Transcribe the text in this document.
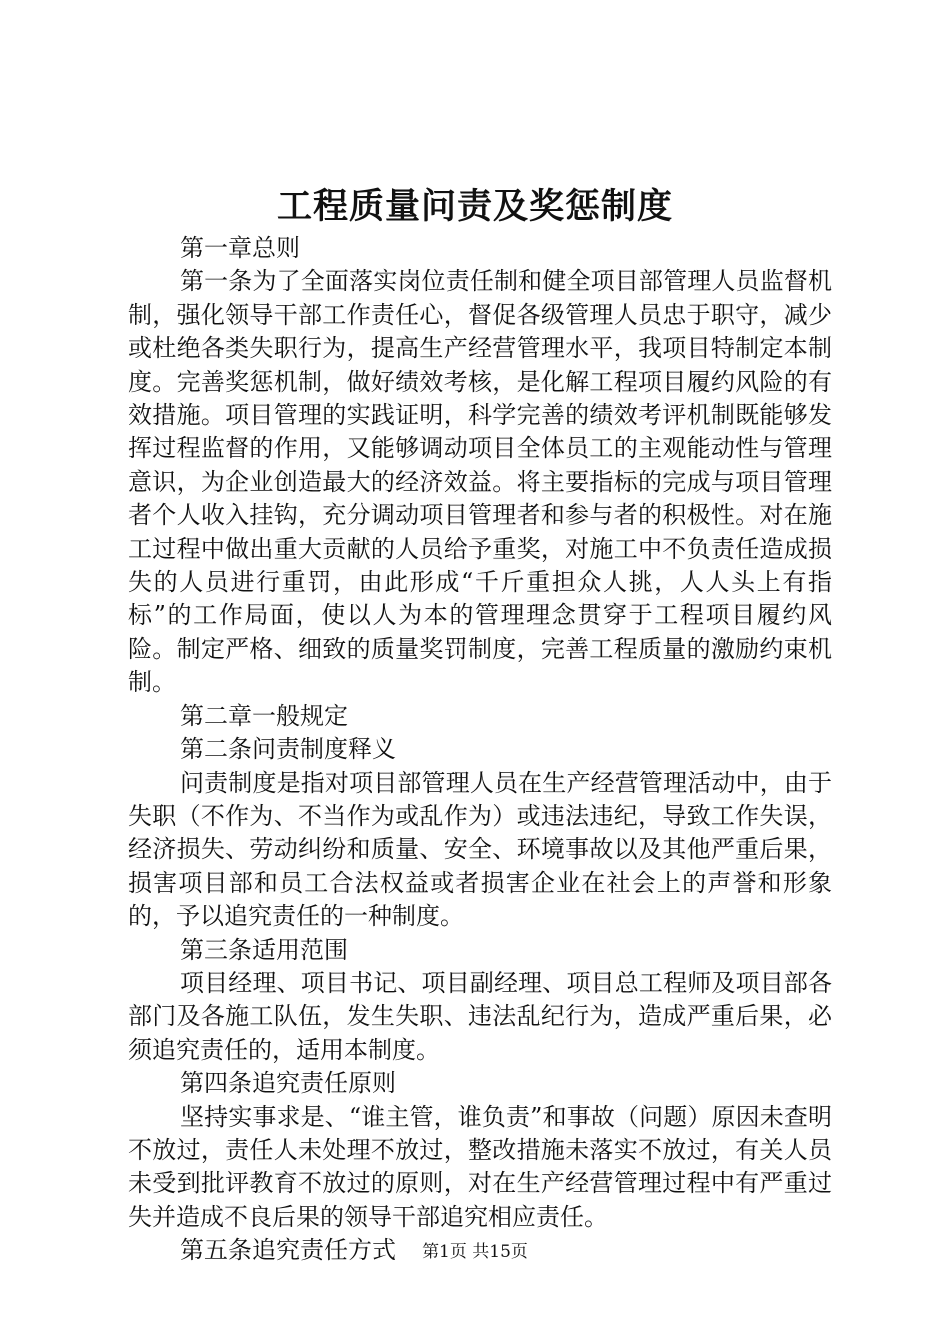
工程质量问责及奖惩制度

第一章总则

第一条为了全面落实岗位责任制和健全项目部管理人员监督机制，强化领导干部工作责任心，督促各级管理人员忠于职守，减少或杜绝各类失职行为，提高生产经营管理水平，我项目特制定本制度。完善奖惩机制，做好绩效考核，是化解工程项目履约风险的有效措施。项目管理的实践证明，科学完善的绩效考评机制既能够发挥过程监督的作用，又能够调动项目全体员工的主观能动性与管理意识，为企业创造最大的经济效益。将主要指标的完成与项目管理者个人收入挂钩，充分调动项目管理者和参与者的积极性。对在施工过程中做出重大贡献的人员给予重奖，对施工中不负责任造成损失的人员进行重罚，由此形成“千斤重担众人挑，人人头上有指标”的工作局面，使以人为本的管理理念贯穿于工程项目履约风险。制定严格、细致的质量奖罚制度，完善工程质量的激励约束机制。

第二章一般规定

第二条问责制度释义

问责制度是指对项目部管理人员在生产经营管理活动中，由于失职（不作为、不当作为或乱作为）或违法违纪，导致工作失误，经济损失、劳动纠纷和质量、安全、环境事故以及其他严重后果，损害项目部和员工合法权益或者损害企业在社会上的声誉和形象的，予以追究责任的一种制度。

第三条适用范围

项目经理、项目书记、项目副经理、项目总工程师及项目部各部门及各施工队伍，发生失职、违法乱纪行为，造成严重后果，必须追究责任的，适用本制度。

第四条追究责任原则

坚持实事求是、“谁主管，谁负责”和事故（问题）原因未查明不放过，责任人未处理不放过，整改措施未落实不放过，有关人员未受到批评教育不放过的原则，对在生产经营管理过程中有严重过失并造成不良后果的领导干部追究相应责任。

第五条追究责任方式	第1页 共15页
